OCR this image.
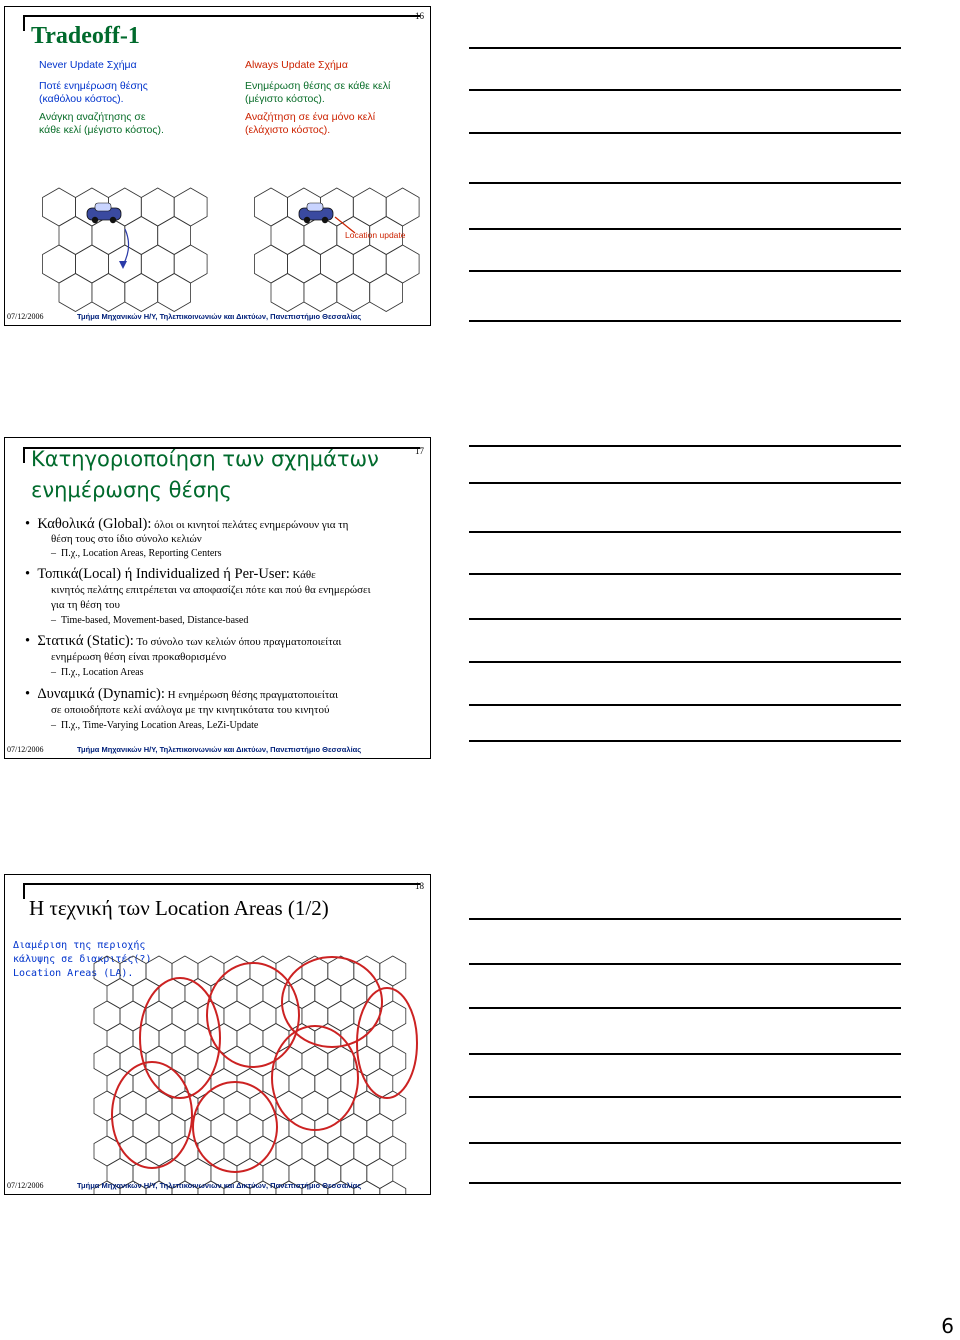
16
Tradeoff-1
Never Update Σχήμα
Ποτέ ενημέρωση θέσης
(καθόλου κόστος).
Ανάγκη αναζήτησης σε
κάθε κελί (μέγιστο κόστος).
Always Update Σχήμα
Ενημέρωση θέσης σε κάθε κελί
(μέγιστο κόστος).
Αναζήτηση σε ένα μόνο κελί
(ελάχιστο κόστος).
Location update
07/12/2006	Τμήμα Μηχανικών Η/Υ, Τηλεπικοινωνιών και Δικτύων, Πανεπιστήμιο Θεσσαλίας
17
Κατηγοριοποίηση των σχημάτων
ενημέρωσης θέσης
•  Καθολικά (Global): όλοι οι κινητοί πελάτες ενημερώνουν για τη
θέση τους στο ίδιο σύνολο κελιών
–  Π.χ., Location Areas, Reporting Centers
•  Τοπικά(Local) ή Individualized ή Per-User: Κάθε
κινητός πελάτης επιτρέπεται να αποφασίζει πότε και πού θα ενημερώσει
για τη θέση του
–  Time-based, Movement-based, Distance-based
•  Στατικά (Static): Το σύνολο των κελιών όπου πραγματοποιείται
ενημέρωση θέση είναι προκαθορισμένο
–  Π.χ., Location Areas
•  Δυναμικά (Dynamic): Η ενημέρωση θέσης πραγματοποιείται
σε οποιοδήποτε κελί ανάλογα με την κινητικότατα του κινητού
–  Π.χ., Time-Varying Location Areas, LeZi-Update
07/12/2006	Τμήμα Μηχανικών Η/Υ, Τηλεπικοινωνιών και Δικτύων, Πανεπιστήμιο Θεσσαλίας
18
Η τεχνική των Location Areas (1/2)
Διαμέριση της περιοχής
κάλυψης σε διακριτές(?)
Location Areas (LA).
07/12/2006	Τμήμα Μηχανικών Η/Υ, Τηλεπικοινωνιών και Δικτύων, Πανεπιστήμιο Θεσσαλίας
6
